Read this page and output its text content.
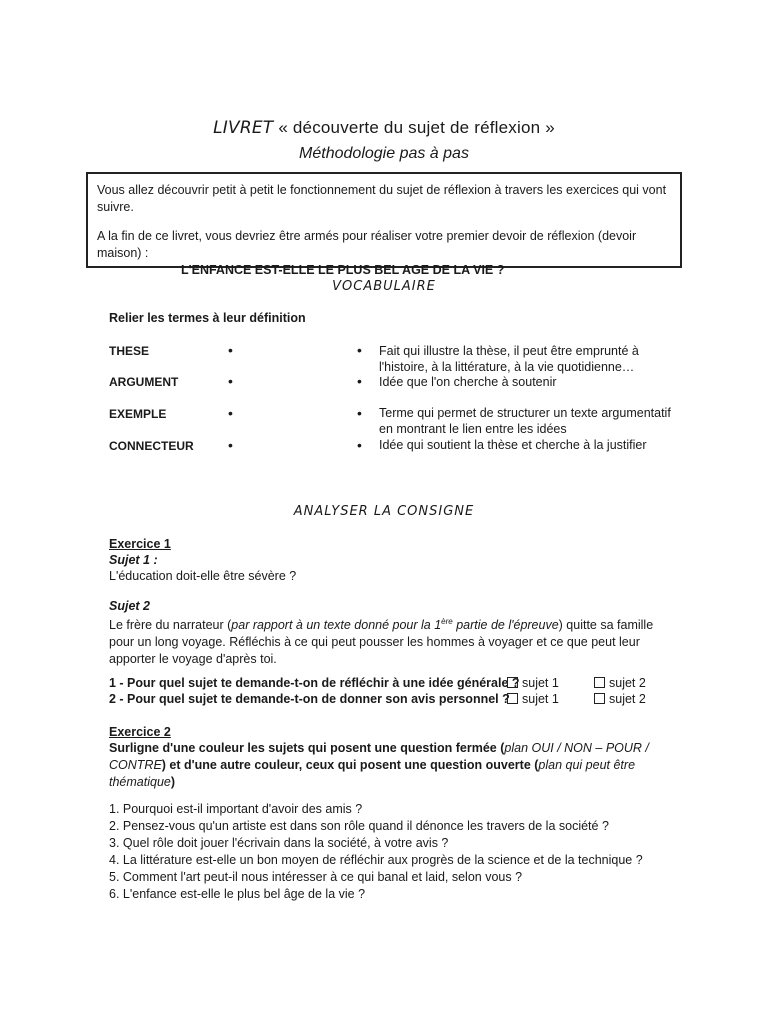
LIVRET « découverte du sujet de réflexion »
Méthodologie pas à pas

Vous allez découvrir petit à petit le fonctionnement du sujet de réflexion à travers les exercices qui vont suivre.

A la fin de ce livret, vous devriez être armés pour réaliser votre premier devoir de réflexion (devoir maison) :
L'ENFANCE EST-ELLE LE PLUS BEL AGE DE LA VIE ?

VOCABULAIRE
Relier les termes à leur définition
THESE
ARGUMENT
EXEMPLE
CONNECTEUR
•
•
•
•
•
•
•
•
Fait qui illustre la thèse, il peut être emprunté à l'histoire, à la littérature, à la vie quotidienne…
Idée que l'on cherche à soutenir
Terme qui permet de structurer un texte argumentatif en montrant le lien entre les idées
Idée qui soutient la thèse et cherche à la justifier
ANALYSER LA CONSIGNE
Exercice 1
Sujet 1 :
L'éducation doit-elle être sévère ?
Sujet 2
Le frère du narrateur (par rapport à un texte donné pour la 1ère partie de l'épreuve) quitte sa famille pour un long voyage. Réfléchis à ce qui peut pousser les hommes à voyager et ce que peut leur apporter le voyage d'après toi.
1 - Pour quel sujet te demande-t-on de réfléchir à une idée générale ? sujet 1	sujet 2
2 - Pour quel sujet te demande-t-on de donner son avis personnel ? sujet 1	sujet 2
Exercice 2
Surligne d'une couleur les sujets qui posent une question fermée (plan OUI / NON – POUR / CONTRE) et d'une autre couleur, ceux qui posent une question ouverte (plan qui peut être thématique)
1. Pourquoi est-il important d'avoir des amis ?
2. Pensez-vous qu'un artiste est dans son rôle quand il dénonce les travers de la société ?
3. Quel rôle doit jouer l'écrivain dans la société, à votre avis ?
4. La littérature est-elle un bon moyen de réfléchir aux progrès de la science et de la technique ?
5. Comment l'art peut-il nous intéresser à ce qui banal et laid, selon vous ?
6. L'enfance est-elle le plus bel âge de la vie ?
